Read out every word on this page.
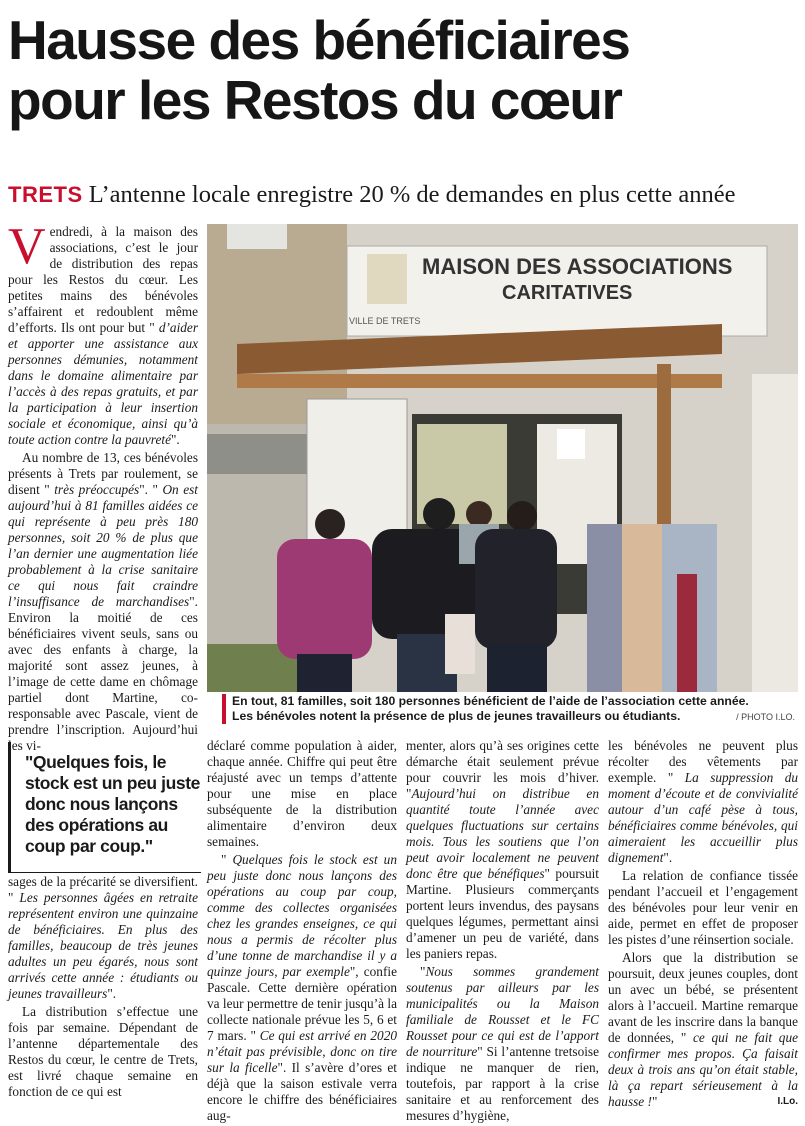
Hausse des bénéficiaires
pour les Restos du cœur
TRETS L’antenne locale enregistre 20 % de demandes en plus cette année

Vendredi, à la maison des associations, c’est le jour de distribution des repas pour les Restos du cœur. Les petites mains des bénévoles s’affairent et redoublent même d’efforts. Ils ont pour but " d’aider et apporter une assistance aux personnes démunies, notamment dans le domaine alimentaire par l’accès à des repas gratuits, et par la participation à leur insertion sociale et économique, ainsi qu’à toute action contre la pauvreté".

Au nombre de 13, ces bénévoles présents à Trets par roulement, se disent " très préoccupés". " On est aujourd’hui à 81 familles aidées ce qui représente à peu près 180 personnes, soit 20 % de plus que l’an dernier une augmentation liée probablement à la crise sanitaire ce qui nous fait craindre l’insuffisance de marchandises". Environ la moitié de ces bénéficiaires vivent seuls, sans ou avec des enfants à charge, la majorité sont assez jeunes, à l’image de cette dame en chômage partiel dont Martine, co-responsable avec Pascale, vient de prendre l’inscription. Aujourd’hui les vi-

MAISON DES ASSOCIATIONS
CARITATIVES
VILLE DE TRETS
En tout, 81 familles, soit 180 personnes bénéficient de l’aide de l’association cette année.
Les bénévoles notent la présence de plus de jeunes travailleurs ou étudiants.	/ PHOTO I.LO.
"Quelques fois, le stock est un peu juste donc nous lançons des opérations au coup par coup."

sages de la précarité se diversifient. " Les personnes âgées en retraite représentent environ une quinzaine de bénéficiaires. En plus des familles, beaucoup de très jeunes adultes un peu égarés, nous sont arrivés cette année : étudiants ou jeunes travailleurs".

La distribution s’effectue une fois par semaine. Dépendant de l’antenne départementale des Restos du cœur, le centre de Trets, est livré chaque semaine en fonction de ce qui est

déclaré comme population à aider, chaque année. Chiffre qui peut être réajusté avec un temps d’attente pour une mise en place subséquente de la distribution alimentaire d’environ deux semaines.

" Quelques fois le stock est un peu juste donc nous lançons des opérations au coup par coup, comme des collectes organisées chez les grandes enseignes, ce qui nous a permis de récolter plus d’une tonne de marchandise il y a quinze jours, par exemple", confie Pascale. Cette dernière opération va leur permettre de tenir jusqu’à la collecte nationale prévue les 5, 6 et 7 mars. " Ce qui est arrivé en 2020 n’était pas prévisible, donc on tire sur la ficelle". Il s’avère d’ores et déjà que la saison estivale verra encore le chiffre des bénéficiaires aug-

menter, alors qu’à ses origines cette démarche était seulement prévue pour couvrir les mois d’hiver. "Aujourd’hui on distribue en quantité toute l’année avec quelques fluctuations sur certains mois. Tous les soutiens que l’on peut avoir localement ne peuvent donc être que bénéfiques" poursuit Martine. Plusieurs commerçants portent leurs invendus, des paysans quelques légumes, permettant ainsi d’amener un peu de variété, dans les paniers repas.

"Nous sommes grandement soutenus par ailleurs par les municipalités ou la Maison familiale de Rousset et le FC Rousset pour ce qui est de l’apport de nourriture" Si l’antenne tretsoise indique ne manquer de rien, toutefois, par rapport à la crise sanitaire et au renforcement des mesures d’hygiène,

les bénévoles ne peuvent plus récolter des vêtements par exemple. " La suppression du moment d’écoute et de convivialité autour d’un café pèse à tous, bénéficiaires comme bénévoles, qui aimeraient les accueillir plus dignement".

La relation de confiance tissée pendant l’accueil et l’engagement des bénévoles pour leur venir en aide, permet en effet de proposer les pistes d’une réinsertion sociale.

Alors que la distribution se poursuit, deux jeunes couples, dont un avec un bébé, se présentent alors à l’accueil. Martine remarque avant de les inscrire dans la banque de données, " ce qui ne fait que confirmer mes propos. Ça faisait deux à trois ans qu’on était stable, là ça repart sérieusement à la hausse !"	I.Lo.
